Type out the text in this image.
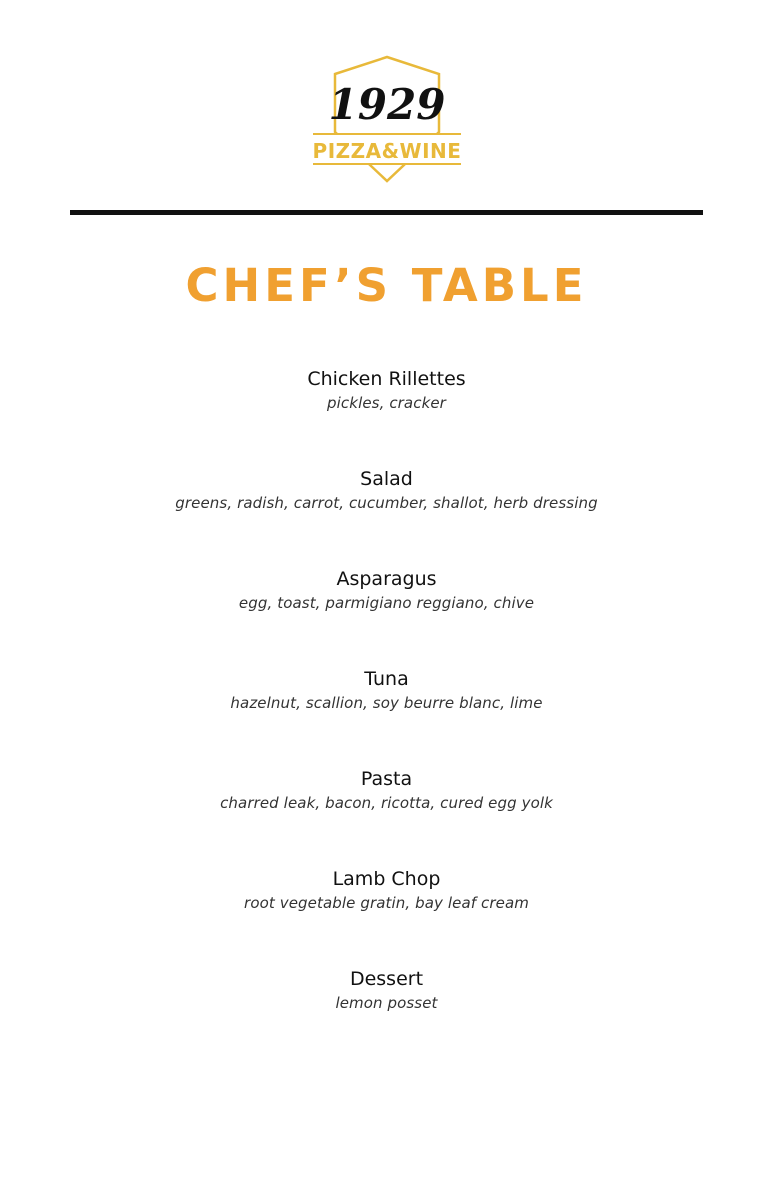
1929
PIZZA&WINE
CHEF’S TABLE
Chicken Rillettes
pickles, cracker
Salad
greens, radish, carrot, cucumber, shallot, herb dressing
Asparagus
egg, toast, parmigiano reggiano, chive
Tuna
hazelnut, scallion, soy beurre blanc, lime
Pasta
charred leak, bacon, ricotta, cured egg yolk
Lamb Chop
root vegetable gratin, bay leaf cream
Dessert
lemon posset
